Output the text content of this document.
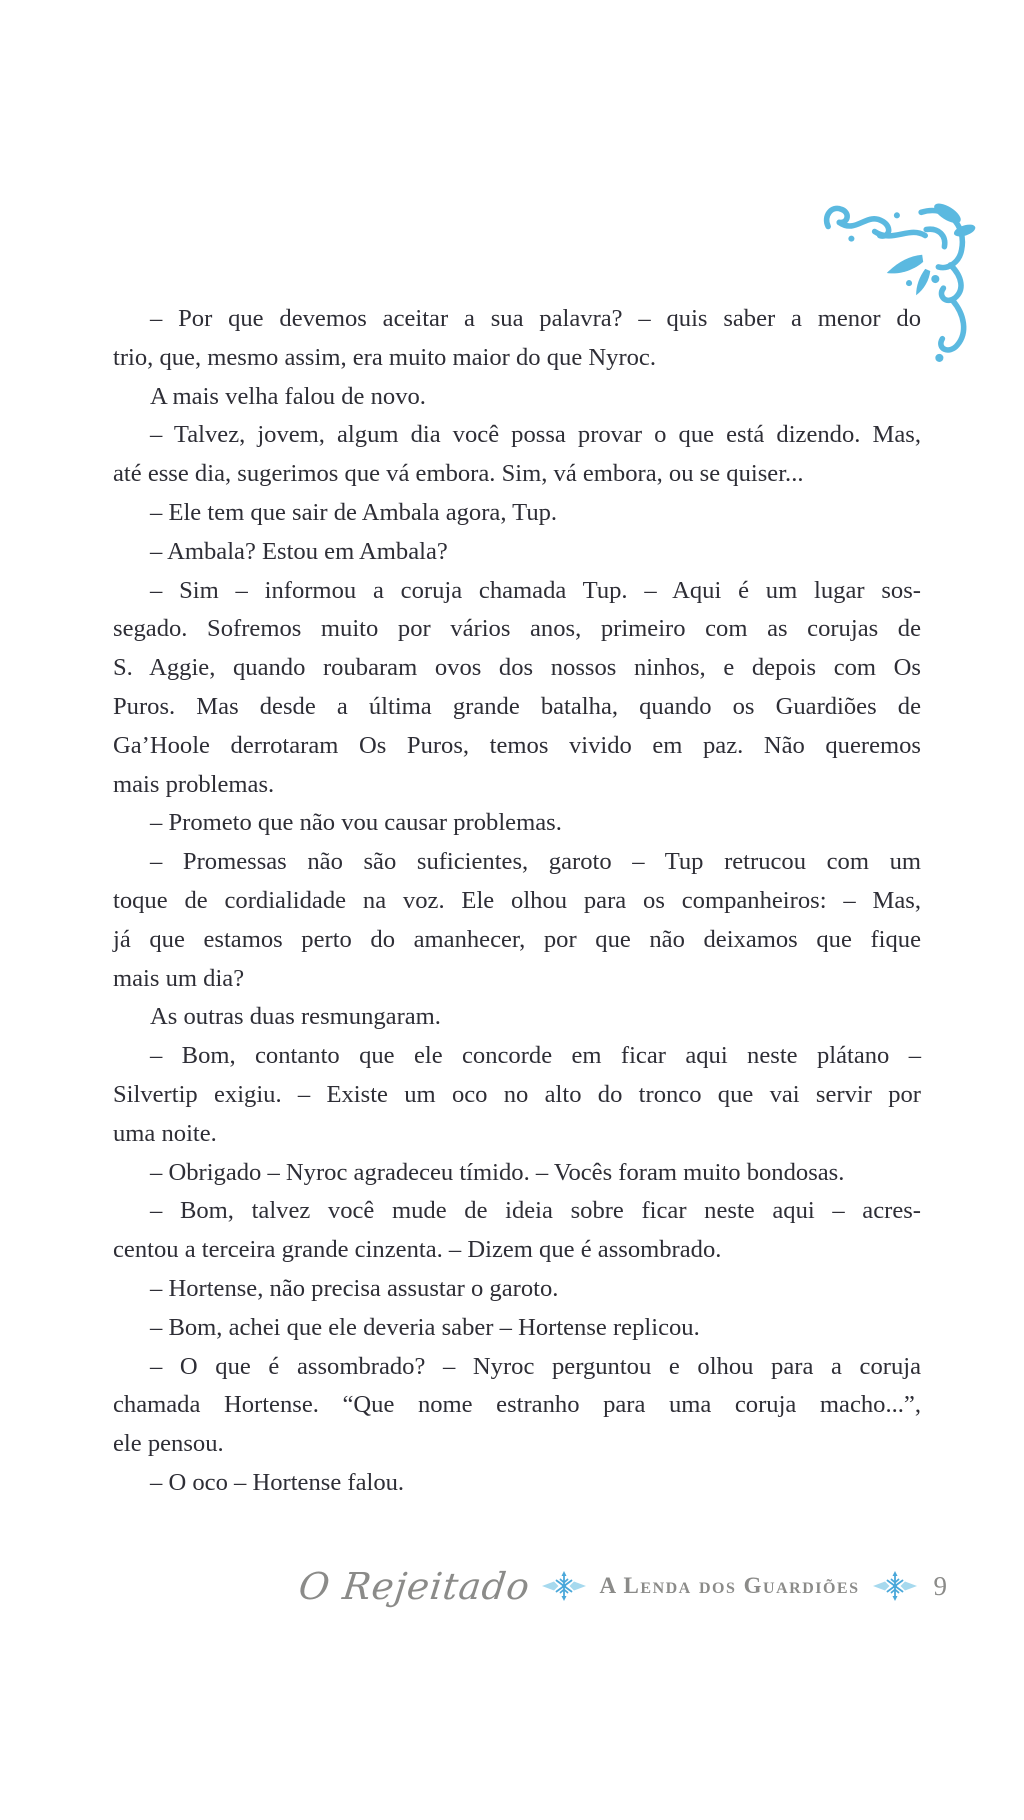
– Por que devemos aceitar a sua palavra? – quis saber a menor do
trio, que, mesmo assim, era muito maior do que Nyroc.
A mais velha falou de novo.
– Talvez, jovem, algum dia você possa provar o que está dizendo. Mas,
até esse dia, sugerimos que vá embora. Sim, vá embora, ou se quiser...
– Ele tem que sair de Ambala agora, Tup.
– Ambala? Estou em Ambala?
– Sim – informou a coruja chamada Tup. – Aqui é um lugar sos-
segado. Sofremos muito por vários anos, primeiro com as corujas de
S. Aggie, quando roubaram ovos dos nossos ninhos, e depois com Os
Puros. Mas desde a última grande batalha, quando os Guardiões de
Ga’Hoole derrotaram Os Puros, temos vivido em paz. Não queremos
mais problemas.
– Prometo que não vou causar problemas.
– Promessas não são suficientes, garoto – Tup retrucou com um
toque de cordialidade na voz. Ele olhou para os companheiros: – Mas,
já que estamos perto do amanhecer, por que não deixamos que fique
mais um dia?
As outras duas resmungaram.
– Bom, contanto que ele concorde em ficar aqui neste plátano –
Silvertip exigiu. – Existe um oco no alto do tronco que vai servir por
uma noite.
– Obrigado – Nyroc agradeceu tímido. – Vocês foram muito bondosas.
– Bom, talvez você mude de ideia sobre ficar neste aqui – acres-
centou a terceira grande cinzenta. – Dizem que é assombrado.
– Hortense, não precisa assustar o garoto.
– Bom, achei que ele deveria saber – Hortense replicou.
– O que é assombrado? – Nyroc perguntou e olhou para a coruja
chamada Hortense. “Que nome estranho para uma coruja macho...”,
ele pensou.
– O oco – Hortense falou.
O Rejeitado	A Lenda dos Guardiões	9
